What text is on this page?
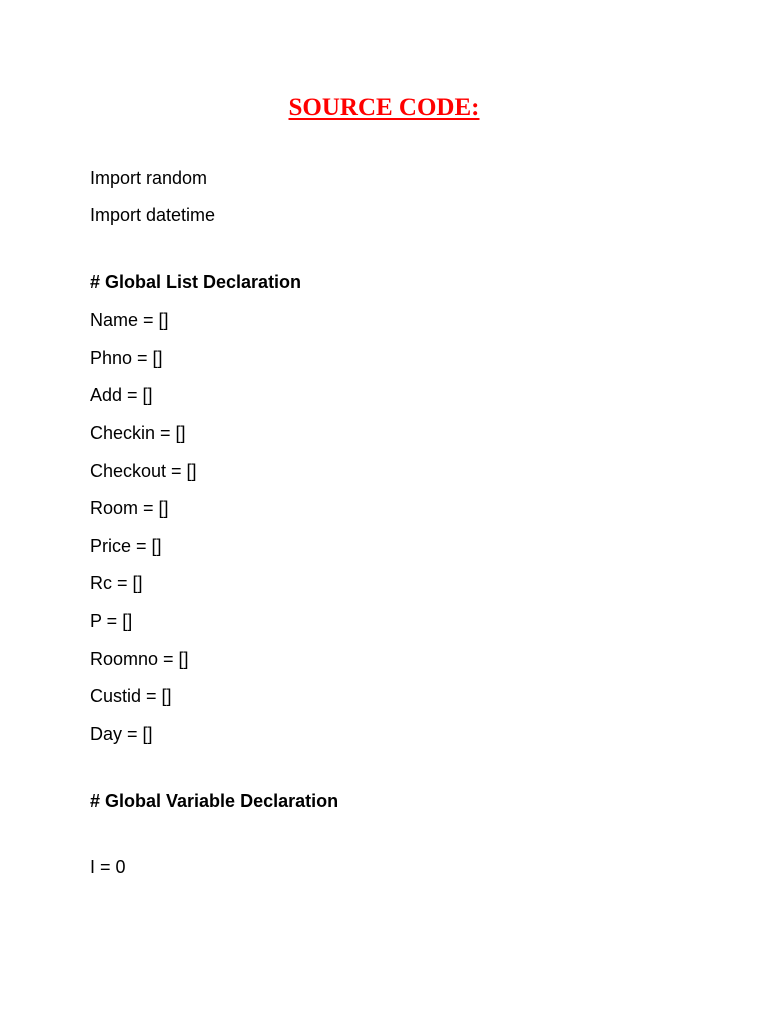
SOURCE CODE:

Import random

Import datetime

# Global List Declaration

Name = []

Phno = []

Add = []

Checkin = []

Checkout = []

Room = []

Price = []

Rc = []

P = []

Roomno = []

Custid = []

Day = []

# Global Variable Declaration

I = 0
